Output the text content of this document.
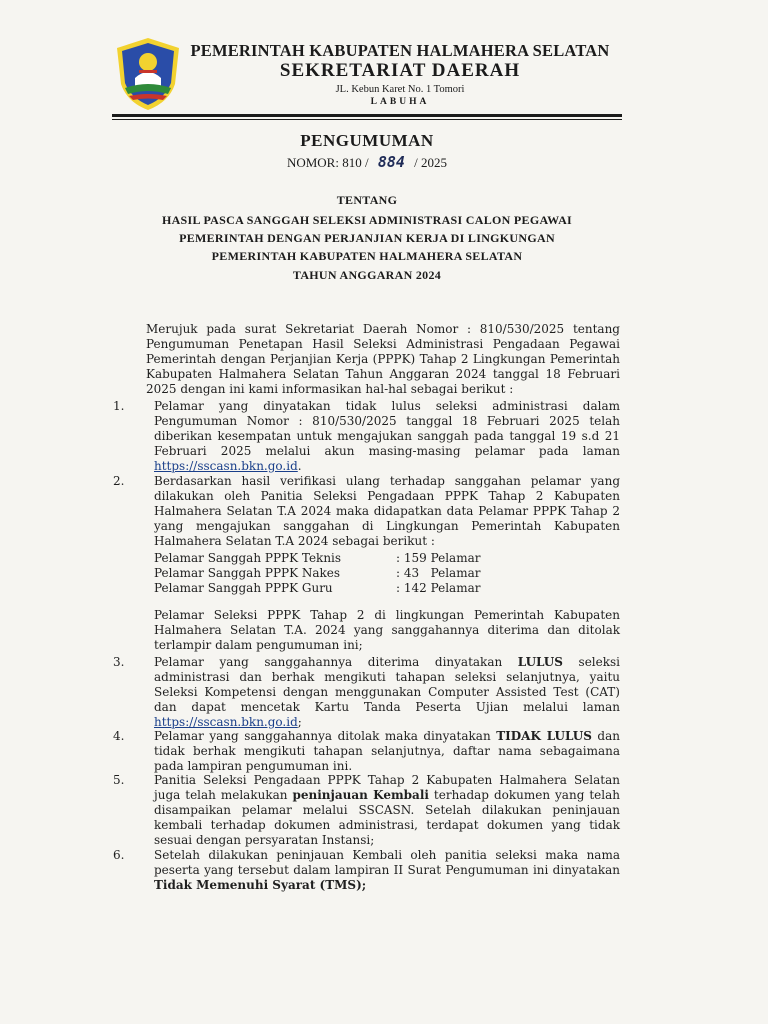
PEMERINTAH KABUPATEN HALMAHERA SELATAN
SEKRETARIAT DAERAH
JL. Kebun Karet No. 1 Tomori
LABUHA
PENGUMUMAN
NOMOR: 810 / 884 / 2025
TENTANG
HASIL PASCA SANGGAH SELEKSI ADMINISTRASI CALON PEGAWAI
PEMERINTAH DENGAN PERJANJIAN KERJA DI LINGKUNGAN
PEMERINTAH KABUPATEN HALMAHERA SELATAN
TAHUN ANGGARAN 2024
Merujuk pada surat Sekretariat Daerah Nomor : 810/530/2025 tentang Pengumuman Penetapan Hasil Seleksi Administrasi Pengadaan Pegawai Pemerintah dengan Perjanjian Kerja (PPPK) Tahap 2 Lingkungan Pemerintah Kabupaten Halmahera Selatan Tahun Anggaran 2024 tanggal 18 Februari 2025 dengan ini kami informasikan hal-hal sebagai berikut :
1. Pelamar yang dinyatakan tidak lulus seleksi administrasi dalam Pengumuman Nomor : 810/530/2025 tanggal 18 Februari 2025 telah diberikan kesempatan untuk mengajukan sanggah pada tanggal 19 s.d 21 Februari 2025 melalui akun masing-masing pelamar pada laman https://sscasn.bkn.go.id.
2. Berdasarkan hasil verifikasi ulang terhadap sanggahan pelamar yang dilakukan oleh Panitia Seleksi Pengadaan PPPK Tahap 2 Kabupaten Halmahera Selatan T.A 2024 maka didapatkan data Pelamar PPPK Tahap 2 yang mengajukan sanggahan di Lingkungan Pemerintah Kabupaten Halmahera Selatan T.A 2024 sebagai berikut :
Pelamar Sanggah PPPK Teknis	: 159 Pelamar
Pelamar Sanggah PPPK Nakes	: 43   Pelamar
Pelamar Sanggah PPPK Guru	: 142 Pelamar
Pelamar Seleksi PPPK Tahap 2 di lingkungan Pemerintah Kabupaten Halmahera Selatan T.A. 2024 yang sanggahannya diterima dan ditolak terlampir dalam pengumuman ini;
3. Pelamar yang sanggahannya diterima dinyatakan LULUS seleksi administrasi dan berhak mengikuti tahapan seleksi selanjutnya, yaitu Seleksi Kompetensi dengan menggunakan Computer Assisted Test (CAT) dan dapat mencetak Kartu Tanda Peserta Ujian melalui laman https://sscasn.bkn.go.id;
4. Pelamar yang sanggahannya ditolak maka dinyatakan TIDAK LULUS dan tidak berhak mengikuti tahapan selanjutnya, daftar nama sebagaimana pada lampiran pengumuman ini.
5. Panitia Seleksi Pengadaan PPPK Tahap 2 Kabupaten Halmahera Selatan juga telah melakukan peninjauan Kembali terhadap dokumen yang telah disampaikan pelamar melalui SSCASN. Setelah dilakukan peninjauan kembali terhadap dokumen administrasi, terdapat dokumen yang tidak sesuai dengan persyaratan Instansi;
6. Setelah dilakukan peninjauan Kembali oleh panitia seleksi maka nama peserta yang tersebut dalam lampiran II Surat Pengumuman ini dinyatakan Tidak Memenuhi Syarat (TMS);
